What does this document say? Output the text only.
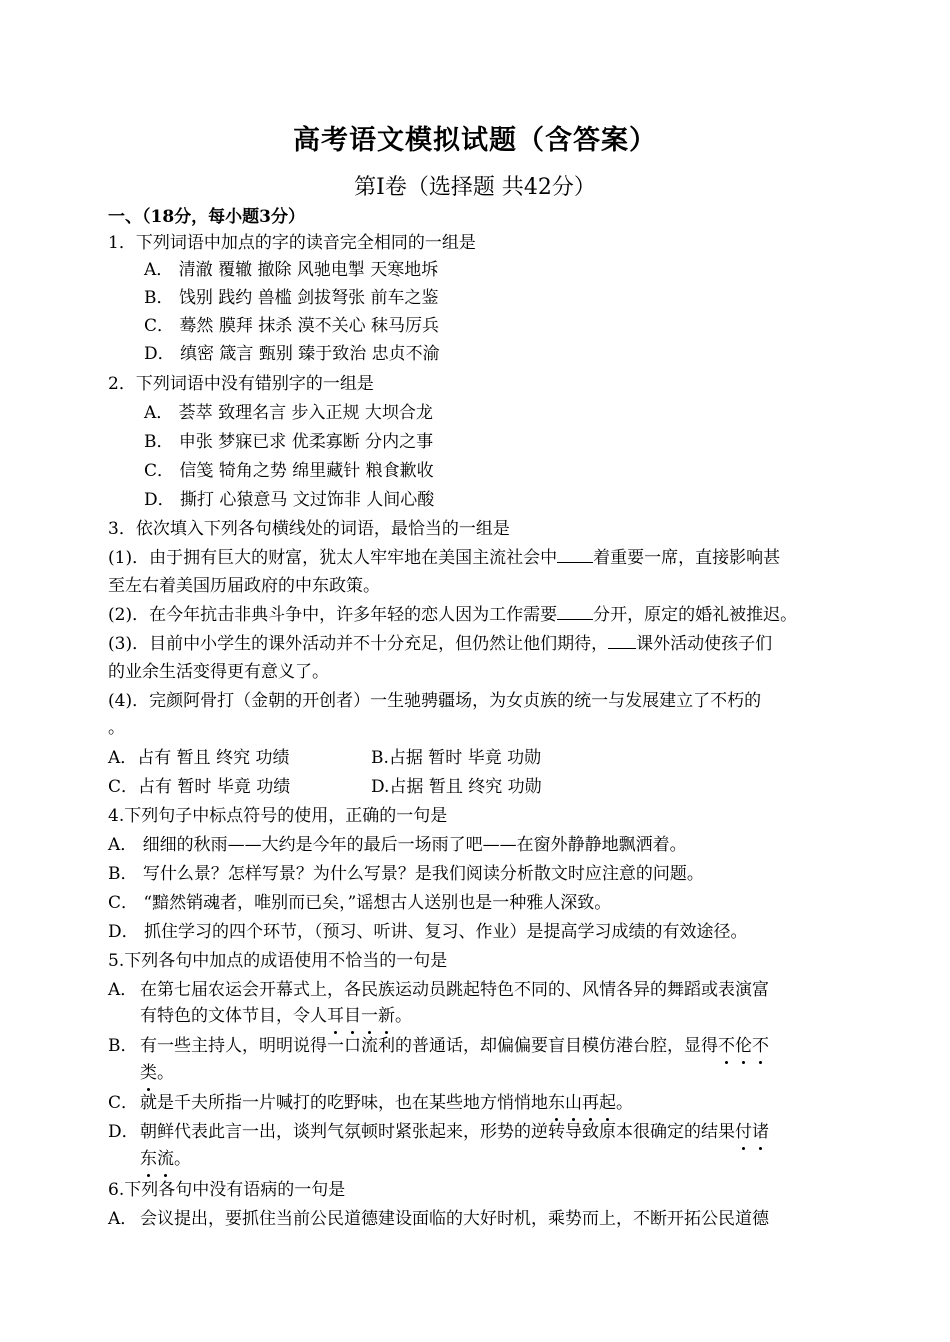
高考语文模拟试题（含答案）
第Ⅰ卷（选择题 共42分）
一、（18分，每小题3分）
1．下列词语中加点的字的读音完全相同的一组是
A． 清澈 覆辙 撤除 风驰电掣 天寒地坼
B． 饯别 践约 兽槛 剑拔弩张 前车之鉴
C． 蓦然 膜拜 抹杀 漠不关心 秣马厉兵
D． 缜密 箴言 甄别 臻于致治 忠贞不渝
2．下列词语中没有错别字的一组是
A． 荟萃 致理名言 步入正规 大坝合龙
B． 申张 梦寐已求 优柔寡断 分内之事
C． 信笺 犄角之势 绵里藏针 粮食歉收
D． 撕打 心猿意马 文过饰非 人间心酸
3．依次填入下列各句横线处的词语，最恰当的一组是
(1)．由于拥有巨大的财富，犹太人牢牢地在美国主流社会中 着重要一席，直接影响甚
至左右着美国历届政府的中东政策。
(2)．在今年抗击非典斗争中，许多年轻的恋人因为工作需要 分开，原定的婚礼被推迟。
(3)．目前中小学生的课外活动并不十分充足，但仍然让他们期待， 课外活动使孩子们
的业余生活变得更有意义了。
(4)．完颜阿骨打（金朝的开创者）一生驰骋疆场，为女贞族的统一与发展建立了不朽的
。
A．占有 暂且 终究 功绩	B.占据 暂时 毕竟 功勋
C．占有 暂时 毕竟 功绩	D.占据 暂且 终究 功勋
4.下列句子中标点符号的使用，正确的一句是
A． 细细的秋雨——大约是今年的最后一场雨了吧——在窗外静静地飘洒着。
B． 写什么景？怎样写景？为什么写景？是我们阅读分析散文时应注意的问题。
C． “黯然销魂者，唯别而已矣，”谣想古人送别也是一种雅人深致。
D． 抓住学习的四个环节，（预习、听讲、复习、作业）是提高学习成绩的有效途径。
5.下列各句中加点的成语使用不恰当的一句是
A． 在第七届农运会开幕式上，各民族运动员跳起特色不同的、风情各异的舞蹈或表演富
有特色的文体节目，令人耳目一新。
B． 有一些主持人，明明说得一口流利的普通话，却偏偏要盲目模仿港台腔，显得不伦不
类。
C． 就是千夫所指一片喊打的吃野味，也在某些地方悄悄地东山再起。
D． 朝鲜代表此言一出，谈判气氛顿时紧张起来，形势的逆转导致原本很确定的结果付诸
东流。
6.下列各句中没有语病的一句是
A． 会议提出，要抓住当前公民道德建设面临的大好时机，乘势而上，不断开拓公民道德
